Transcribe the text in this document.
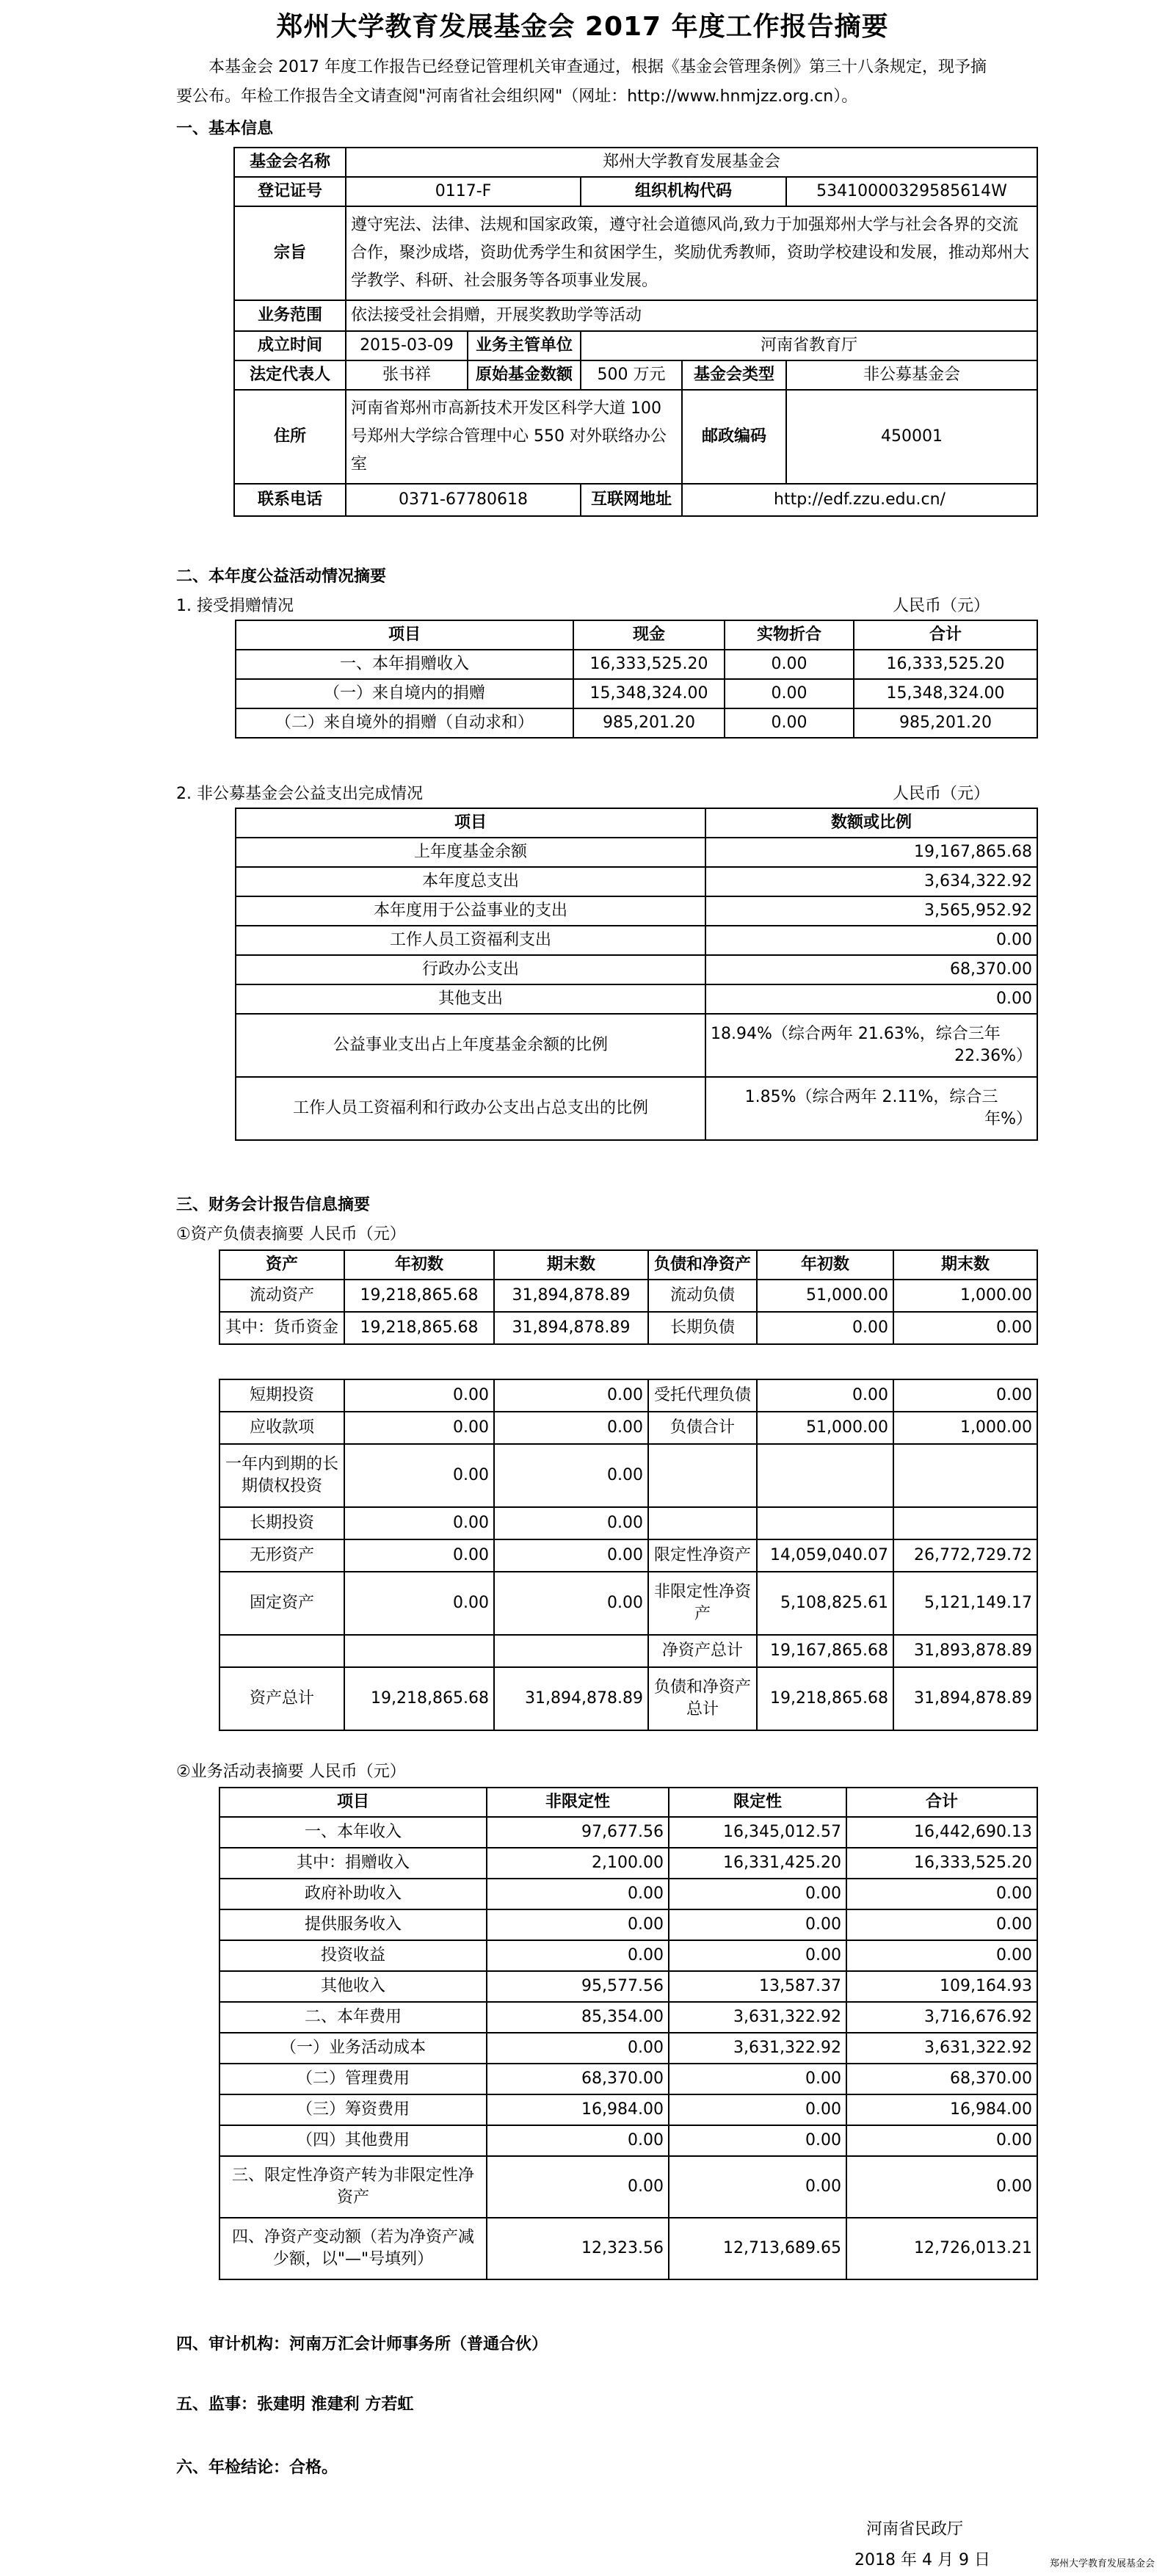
郑州大学教育发展基金会 2017 年度工作报告摘要

本基金会 2017 年度工作报告已经登记管理机关审查通过，根据《基金会管理条例》第三十八条规定，现予摘要公布。年检工作报告全文请查阅"河南省社会组织网"（网址：http://www.hnmjzz.org.cn）。

一、基本信息

基金会名称	郑州大学教育发展基金会				
登记证号	0117-F		组织机构代码		5341000032958561​4W
宗旨	遵守宪法、法律、法规和国家政策，遵守社会道德风尚,致力于加强郑州大学与社会各界的交流合作，聚沙成塔，资助优秀学生和贫困学生，奖励优秀教师，资助学校建设和发展，推动郑州大学教学、科研、社会服务等各项事业发展。				
业务范围	依法接受社会捐赠，开展奖教助学等活动				
成立时间	2015-03-09	业务主管单位	河南省教育厅		
法定代表人	张书祥	原始基金数额	500 万元	基金会类型	非公募基金会
住所	河南省郑州市高新技术开发区科学大道 100号郑州大学综合管理中心 550 对外联络办公室			邮政编码	450001
联系电话	0371-67780618		互联网地址	http://edf.zzu.edu.cn/	

二、本年度公益活动情况摘要

1. 接受捐赠情况	人民币（元）

项目	现金	实物折合	合计
一、本年捐赠收入	16,333,525.20	0.00	16,333,525.20
（一）来自境内的捐赠	15,348,324.00	0.00	15,348,324.00
（二）来自境外的捐赠（自动求和）	985,201.20	0.00	985,201.20

2. 非公募基金会公益支出完成情况	人民币（元）

项目	数额或比例
上年度基金余额	19,167,865.68
本年度总支出	3,634,322.92
本年度用于公益事业的支出	3,565,952.92
工作人员工资福利支出	0.00
行政办公支出	68,370.00
其他支出	0.00
公益事业支出占上年度基金余额的比例	18.94%（综合两年 21.63%，综合三年
22.36%）

工作人员工资福利和行政办公支出占总支出的比例	1.85%（综合两年 2.11%，综合三
年%）

三、财务会计报告信息摘要

①资产负债表摘要 人民币（元）

资产	年初数	期末数	负债和净资产	年初数	期末数
流动资产	19,218,865.68	31,894,878.89	流动负债	51,000.00	1,000.00
其中：货币资金	19,218,865.68	31,894,878.89	长期负债	0.00	0.00
短期投资	0.00	0.00	受托代理负债	0.00	0.00
应收款项	0.00	0.00	负债合计	51,000.00	1,000.00
一年内到期的长期债权投资	0.00	0.00			
长期投资	0.00	0.00			
无形资产	0.00	0.00	限定性净资产	14,059,040.07	26,772,729.72
固定资产	0.00	0.00	非限定性净资产	5,108,825.61	5,121,149.17
			净资产总计	19,167,865.68	31,893,878.89
资产总计	19,218,865.68	31,894,878.89	负债和净资产总计	19,218,865.68	31,894,878.89

②业务活动表摘要 人民币（元）

项目	非限定性	限定性	合计
一、本年收入	97,677.56	16,345,012.57	16,442,690.13
其中：捐赠收入	2,100.00	16,331,425.20	16,333,525.20
政府补助收入	0.00	0.00	0.00
提供服务收入	0.00	0.00	0.00
投资收益	0.00	0.00	0.00
其他收入	95,577.56	13,587.37	109,164.93
二、本年费用	85,354.00	3,631,322.92	3,716,676.92
（一）业务活动成本	0.00	3,631,322.92	3,631,322.92
（二）管理费用	68,370.00	0.00	68,370.00
（三）筹资费用	16,984.00	0.00	16,984.00
（四）其他费用	0.00	0.00	0.00
三、限定性净资产转为非限定性净资产	0.00	0.00	0.00
四、净资产变动额（若为净资产减少额，以"—"号填列）	12,323.56	12,713,689.65	12,726,013.21

四、审计机构：河南万汇会计师事务所（普通合伙）

五、监事：张建明 淮建利 方若虹

六、年检结论：合格。

河南省民政厅

2018 年 4 月 9 日	郑州大学教育发展基金会
